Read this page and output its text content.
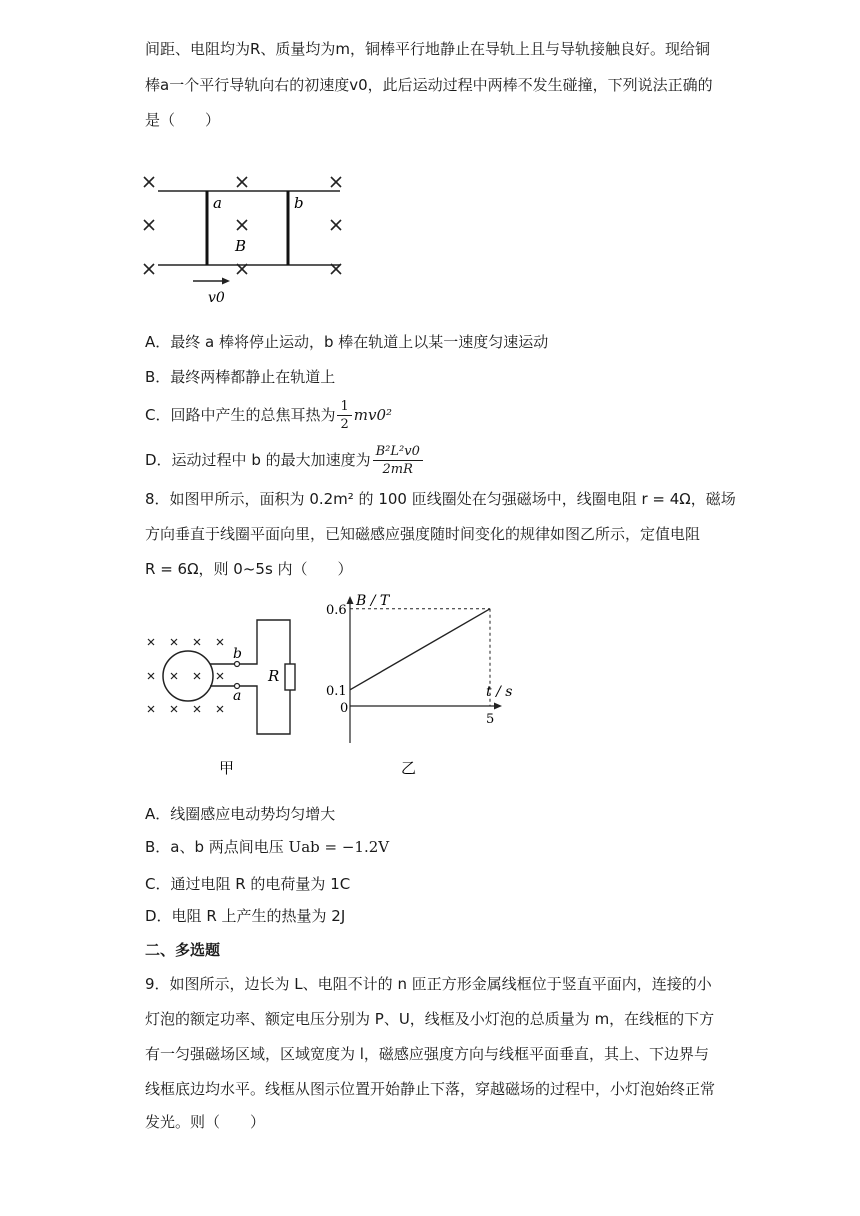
间距、电阻均为R、质量均为m，铜棒平行地静止在导轨上且与导轨接触良好。现给铜
棒a一个平行导轨向右的初速度v0，此后运动过程中两棒不发生碰撞，下列说法正确的
是（　　）
a	b
B
v0
A．最终 a 棒将停止运动，b 棒在轨道上以某一速度匀速运动
B．最终两棒都静止在轨道上
C．回路中产生的总焦耳热为 $\frac{1}{2} mv0^2$
D．运动过程中 b 的最大加速度为 $\frac{\text{B²L²v0}}{2mR}$
8．如图甲所示，面积为 0.2m² 的 100 匝线圈处在匀强磁场中，线圈电阻 r = 4Ω，磁场
方向垂直于线圈平面向里，已知磁感应强度随时间变化的规律如图乙所示，定值电阻
R = 6Ω，则 0~5s 内（　　）
b
a
R
甲
B / T
t / s
0
0.1
0.6
5
乙
A．线圈感应电动势均匀增大
B．a、b 两点间电压 Uab = −1.2V
C．通过电阻 R 的电荷量为 1C
D．电阻 R 上产生的热量为 2J
二、多选题
9．如图所示，边长为 L、电阻不计的 n 匝正方形金属线框位于竖直平面内，连接的小
灯泡的额定功率、额定电压分别为 P、U，线框及小灯泡的总质量为 m，在线框的下方
有一匀强磁场区域，区域宽度为 l，磁感应强度方向与线框平面垂直，其上、下边界与
线框底边均水平。线框从图示位置开始静止下落，穿越磁场的过程中，小灯泡始终正常
发光。则（　　）
